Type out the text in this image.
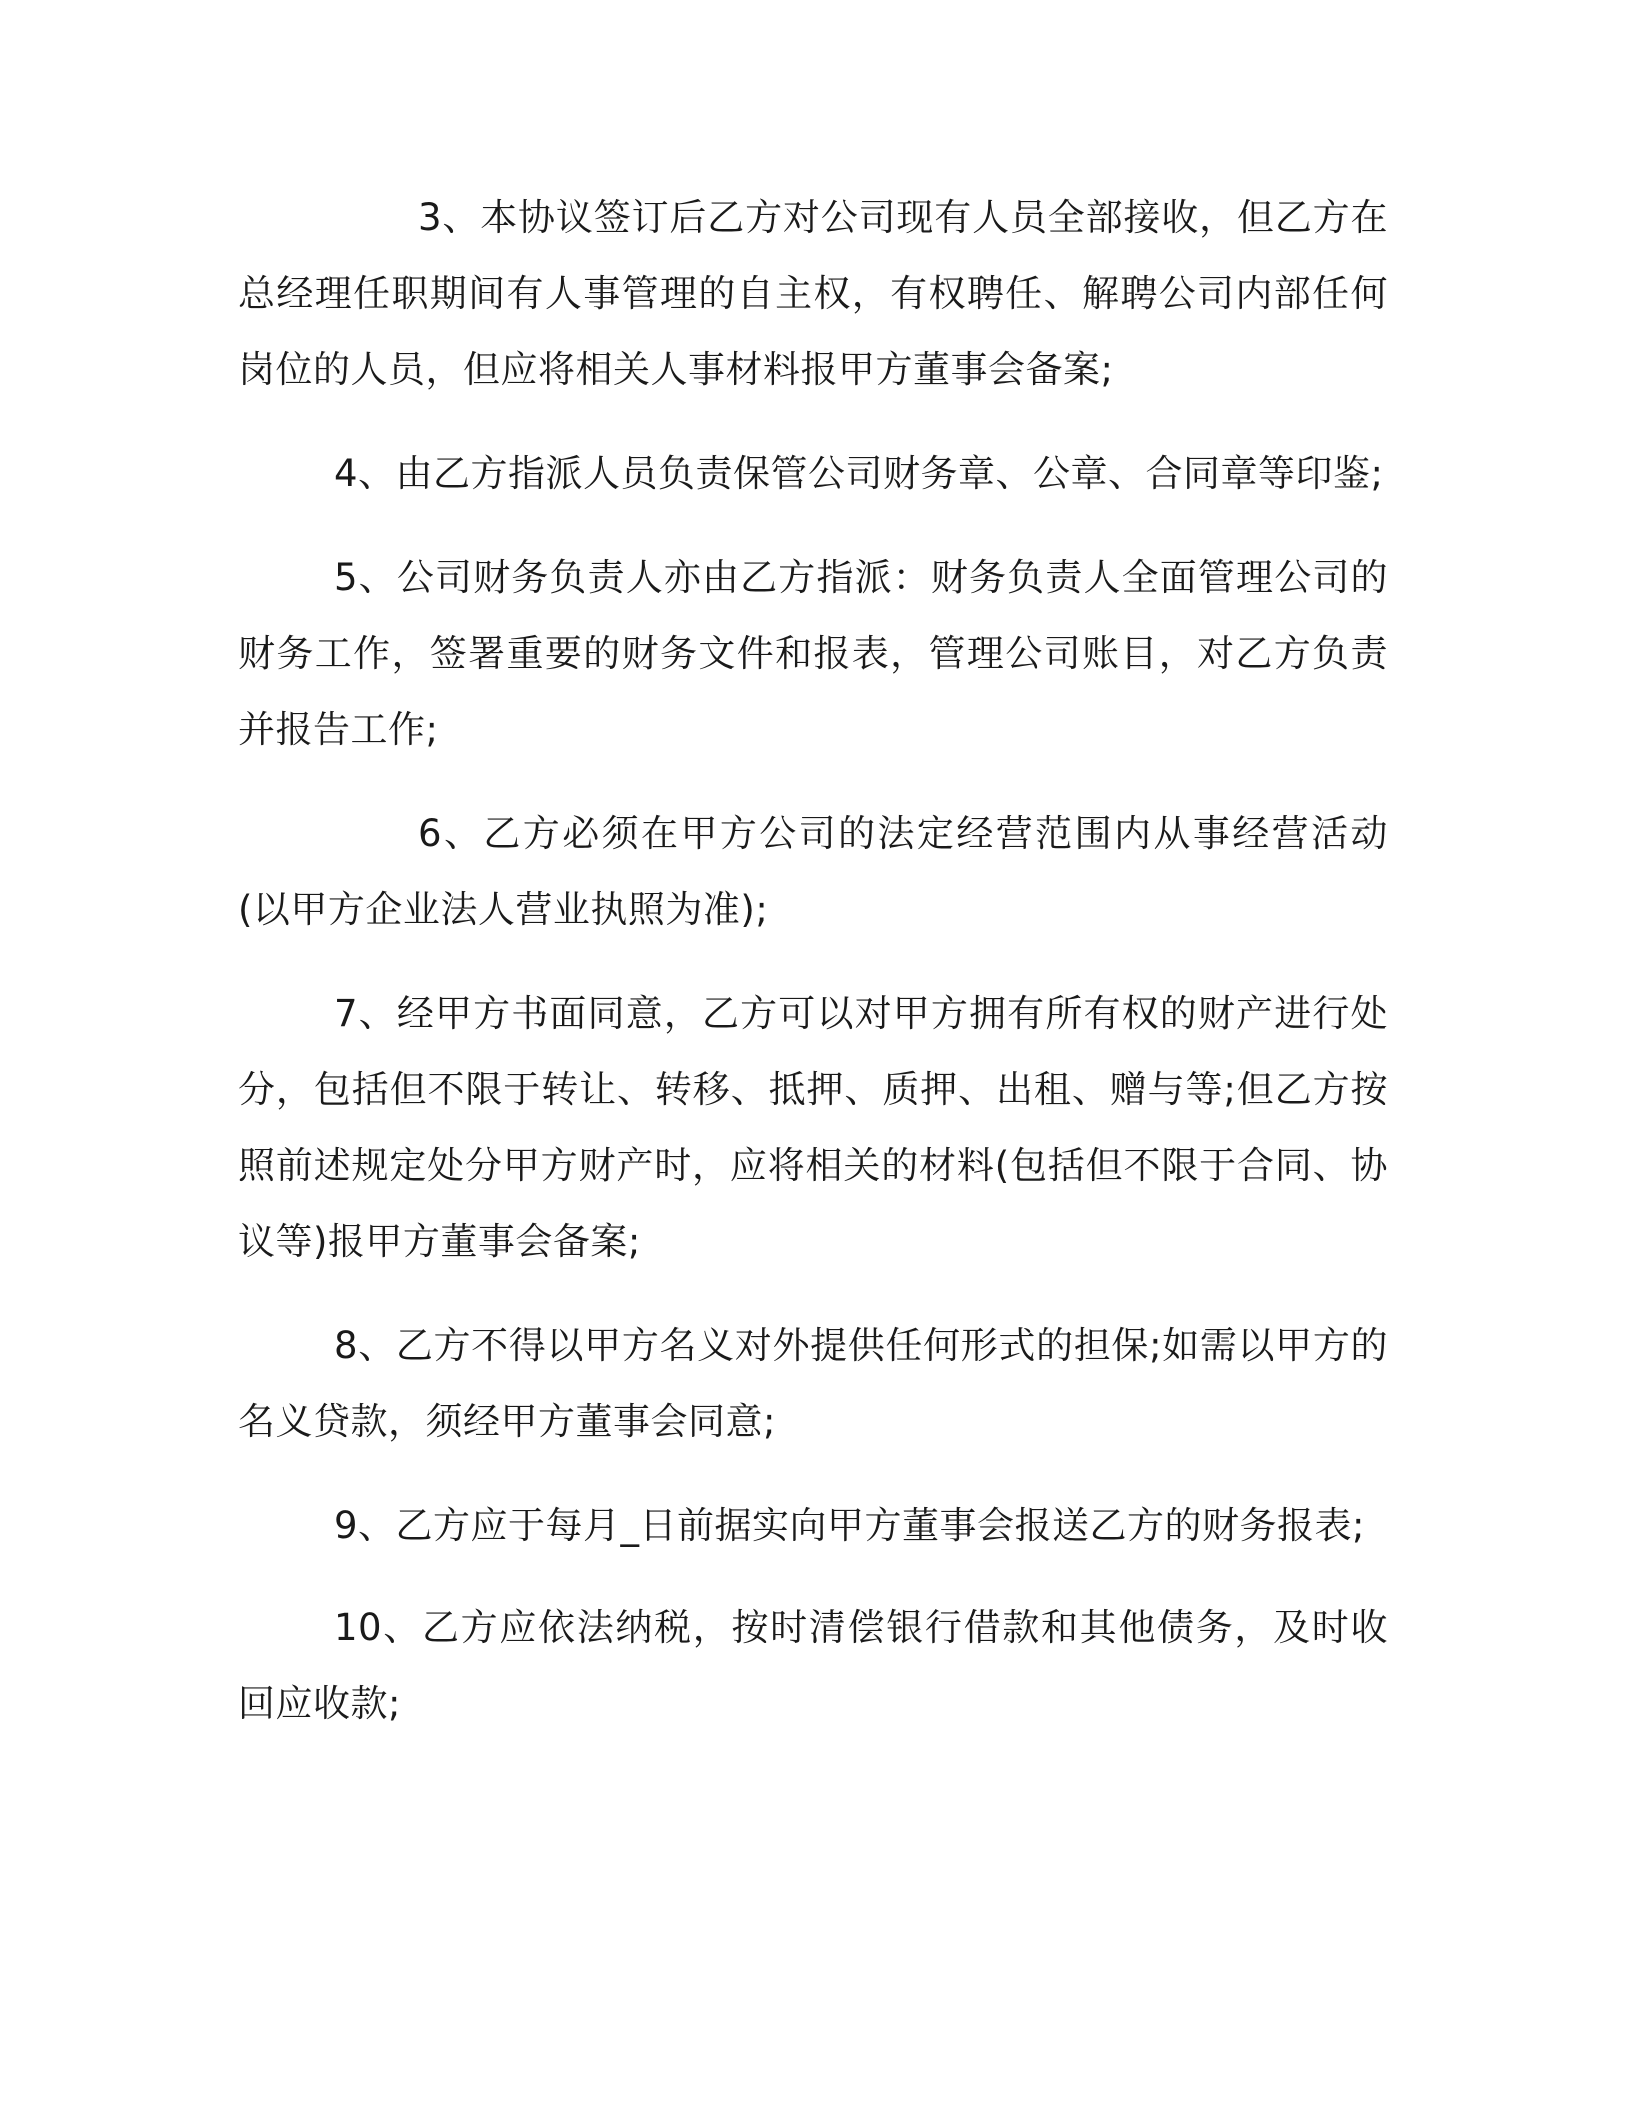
3、本协议签订后乙方对公司现有人员全部接收，但乙方在总经理任职期间有人事管理的自主权，有权聘任、解聘公司内部任何岗位的人员，但应将相关人事材料报甲方董事会备案;

4、由乙方指派人员负责保管公司财务章、公章、合同章等印鉴;

5、公司财务负责人亦由乙方指派：财务负责人全面管理公司的财务工作，签署重要的财务文件和报表，管理公司账目，对乙方负责并报告工作;

6、乙方必须在甲方公司的法定经营范围内从事经营活动(以甲方企业法人营业执照为准);

7、经甲方书面同意，乙方可以对甲方拥有所有权的财产进行处分，包括但不限于转让、转移、抵押、质押、出租、赠与等;但乙方按照前述规定处分甲方财产时，应将相关的材料(包括但不限于合同、协议等)报甲方董事会备案;

8、乙方不得以甲方名义对外提供任何形式的担保;如需以甲方的名义贷款，须经甲方董事会同意;

9、乙方应于每月_日前据实向甲方董事会报送乙方的财务报表;

10、乙方应依法纳税，按时清偿银行借款和其他债务，及时收回应收款;
